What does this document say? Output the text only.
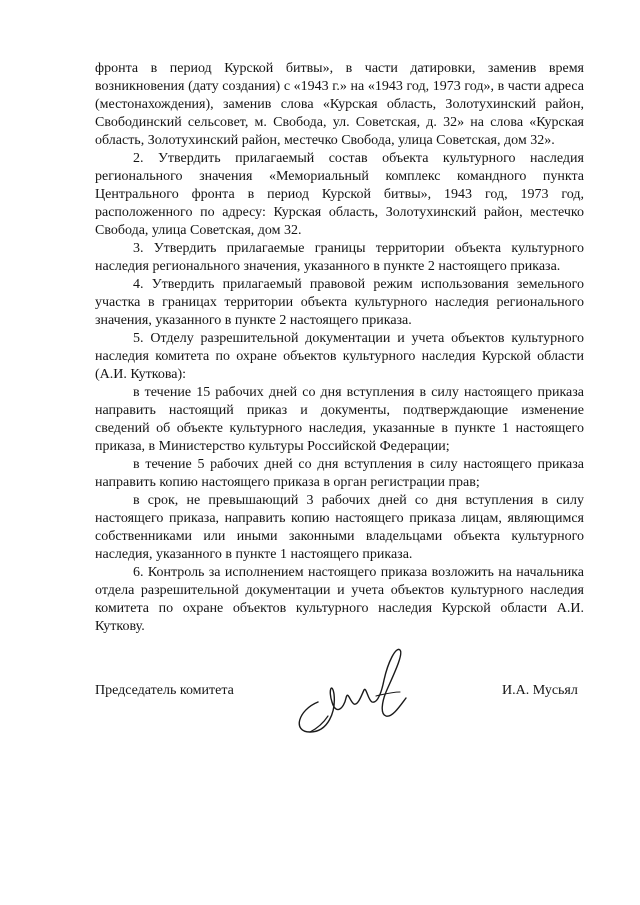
фронта в период Курской битвы», в части датировки, заменив время возникновения (дату создания) с «1943 г.» на «1943 год, 1973 год», в части адреса (местонахождения), заменив слова «Курская область, Золотухинский район, Свободинский сельсовет, м. Свобода, ул. Советская, д. 32» на слова «Курская область, Золотухинский район, местечко Свобода, улица Советская, дом 32».

2. Утвердить прилагаемый состав объекта культурного наследия регионального значения «Мемориальный комплекс командного пункта Центрального фронта в период Курской битвы», 1943 год, 1973 год, расположенного по адресу: Курская область, Золотухинский район, местечко Свобода, улица Советская, дом 32.

3. Утвердить прилагаемые границы территории объекта культурного наследия регионального значения, указанного в пункте 2 настоящего приказа.

4. Утвердить прилагаемый правовой режим использования земельного участка в границах территории объекта культурного наследия регионального значения, указанного в пункте 2 настоящего приказа.

5. Отделу разрешительной документации и учета объектов культурного наследия комитета по охране объектов культурного наследия Курской области (А.И. Куткова):

в течение 15 рабочих дней со дня вступления в силу настоящего приказа направить настоящий приказ и документы, подтверждающие изменение сведений об объекте культурного наследия, указанные в пункте 1 настоящего приказа, в Министерство культуры Российской Федерации;

в течение 5 рабочих дней со дня вступления в силу настоящего приказа направить копию настоящего приказа в орган регистрации прав;

в срок, не превышающий 3 рабочих дней со дня вступления в силу настоящего приказа, направить копию настоящего приказа лицам, являющимся собственниками или иными законными владельцами объекта культурного наследия, указанного в пункте 1 настоящего приказа.

6. Контроль за исполнением настоящего приказа возложить на начальника отдела разрешительной документации и учета объектов культурного наследия комитета по охране объектов культурного наследия Курской области А.И. Куткову.

Председатель комитета	И.А. Мусьял
